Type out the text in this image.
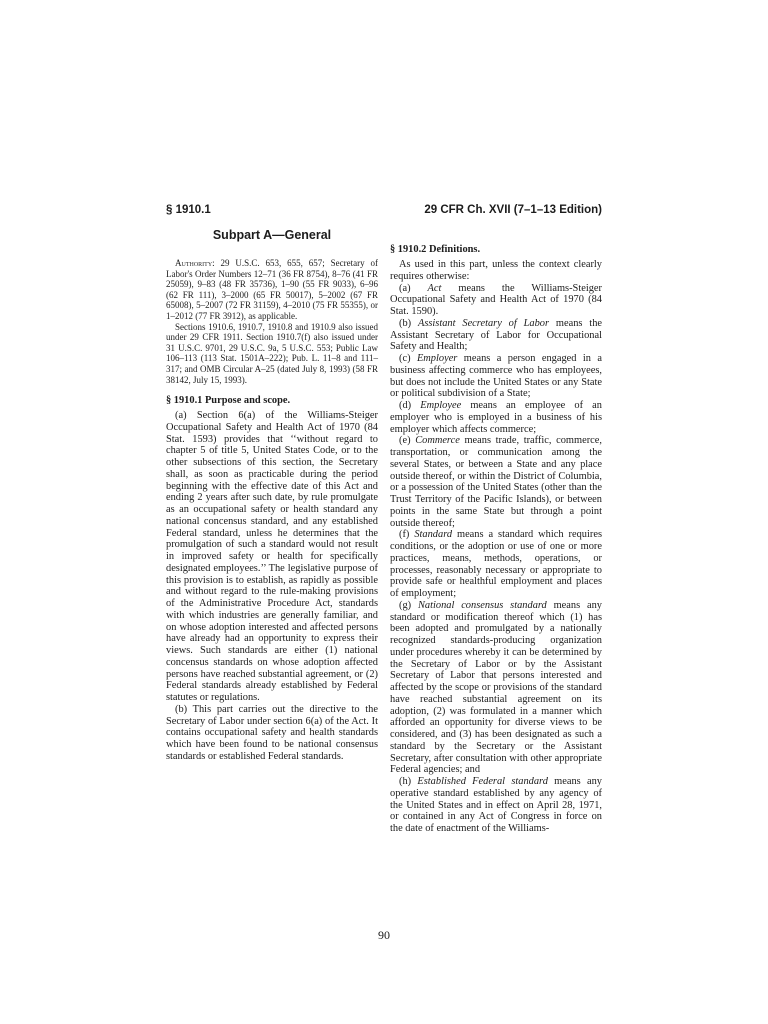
§ 1910.1	29 CFR Ch. XVII (7–1–13 Edition)
Subpart A—General

Authority: 29 U.S.C. 653, 655, 657; Secretary of Labor's Order Numbers 12–71 (36 FR 8754), 8–76 (41 FR 25059), 9–83 (48 FR 35736), 1–90 (55 FR 9033), 6–96 (62 FR 111), 3–2000 (65 FR 50017), 5–2002 (67 FR 65008), 5–2007 (72 FR 31159), 4–2010 (75 FR 55355), or 1–2012 (77 FR 3912), as applicable.

Sections 1910.6, 1910.7, 1910.8 and 1910.9 also issued under 29 CFR 1911. Section 1910.7(f) also issued under 31 U.S.C. 9701, 29 U.S.C. 9a, 5 U.S.C. 553; Public Law 106–113 (113 Stat. 1501A–222); Pub. L. 11–8 and 111–317; and OMB Circular A–25 (dated July 8, 1993) (58 FR 38142, July 15, 1993).

§ 1910.1 Purpose and scope.

(a) Section 6(a) of the Williams-Steiger Occupational Safety and Health Act of 1970 (84 Stat. 1593) provides that ‘‘without regard to chapter 5 of title 5, United States Code, or to the other subsections of this section, the Secretary shall, as soon as practicable during the period beginning with the effective date of this Act and ending 2 years after such date, by rule promulgate as an occupational safety or health standard any national concensus standard, and any established Federal standard, unless he determines that the promulgation of such a standard would not result in improved safety or health for specifically designated employees.’’ The legislative purpose of this provision is to establish, as rapidly as possible and without regard to the rule-making provisions of the Administrative Procedure Act, standards with which industries are generally familiar, and on whose adoption interested and affected persons have already had an opportunity to express their views. Such standards are either (1) national concensus standards on whose adoption affected persons have reached substantial agreement, or (2) Federal standards already established by Federal statutes or regulations.

(b) This part carries out the directive to the Secretary of Labor under section 6(a) of the Act. It contains occupational safety and health standards which have been found to be national consensus standards or established Federal standards.

§ 1910.2 Definitions.

As used in this part, unless the context clearly requires otherwise:

(a) Act means the Williams-Steiger Occupational Safety and Health Act of 1970 (84 Stat. 1590).

(b) Assistant Secretary of Labor means the Assistant Secretary of Labor for Occupational Safety and Health;

(c) Employer means a person engaged in a business affecting commerce who has employees, but does not include the United States or any State or political subdivision of a State;

(d) Employee means an employee of an employer who is employed in a business of his employer which affects commerce;

(e) Commerce means trade, traffic, commerce, transportation, or communication among the several States, or between a State and any place outside thereof, or within the District of Columbia, or a possession of the United States (other than the Trust Territory of the Pacific Islands), or between points in the same State but through a point outside thereof;

(f) Standard means a standard which requires conditions, or the adoption or use of one or more practices, means, methods, operations, or processes, reasonably necessary or appropriate to provide safe or healthful employment and places of employment;

(g) National consensus standard means any standard or modification thereof which (1) has been adopted and promulgated by a nationally recognized standards-producing organization under procedures whereby it can be determined by the Secretary of Labor or by the Assistant Secretary of Labor that persons interested and affected by the scope or provisions of the standard have reached substantial agreement on its adoption, (2) was formulated in a manner which afforded an opportunity for diverse views to be considered, and (3) has been designated as such a standard by the Secretary or the Assistant Secretary, after consultation with other appropriate Federal agencies; and

(h) Established Federal standard means any operative standard established by any agency of the United States and in effect on April 28, 1971, or contained in any Act of Congress in force on the date of enactment of the Williams-

90
